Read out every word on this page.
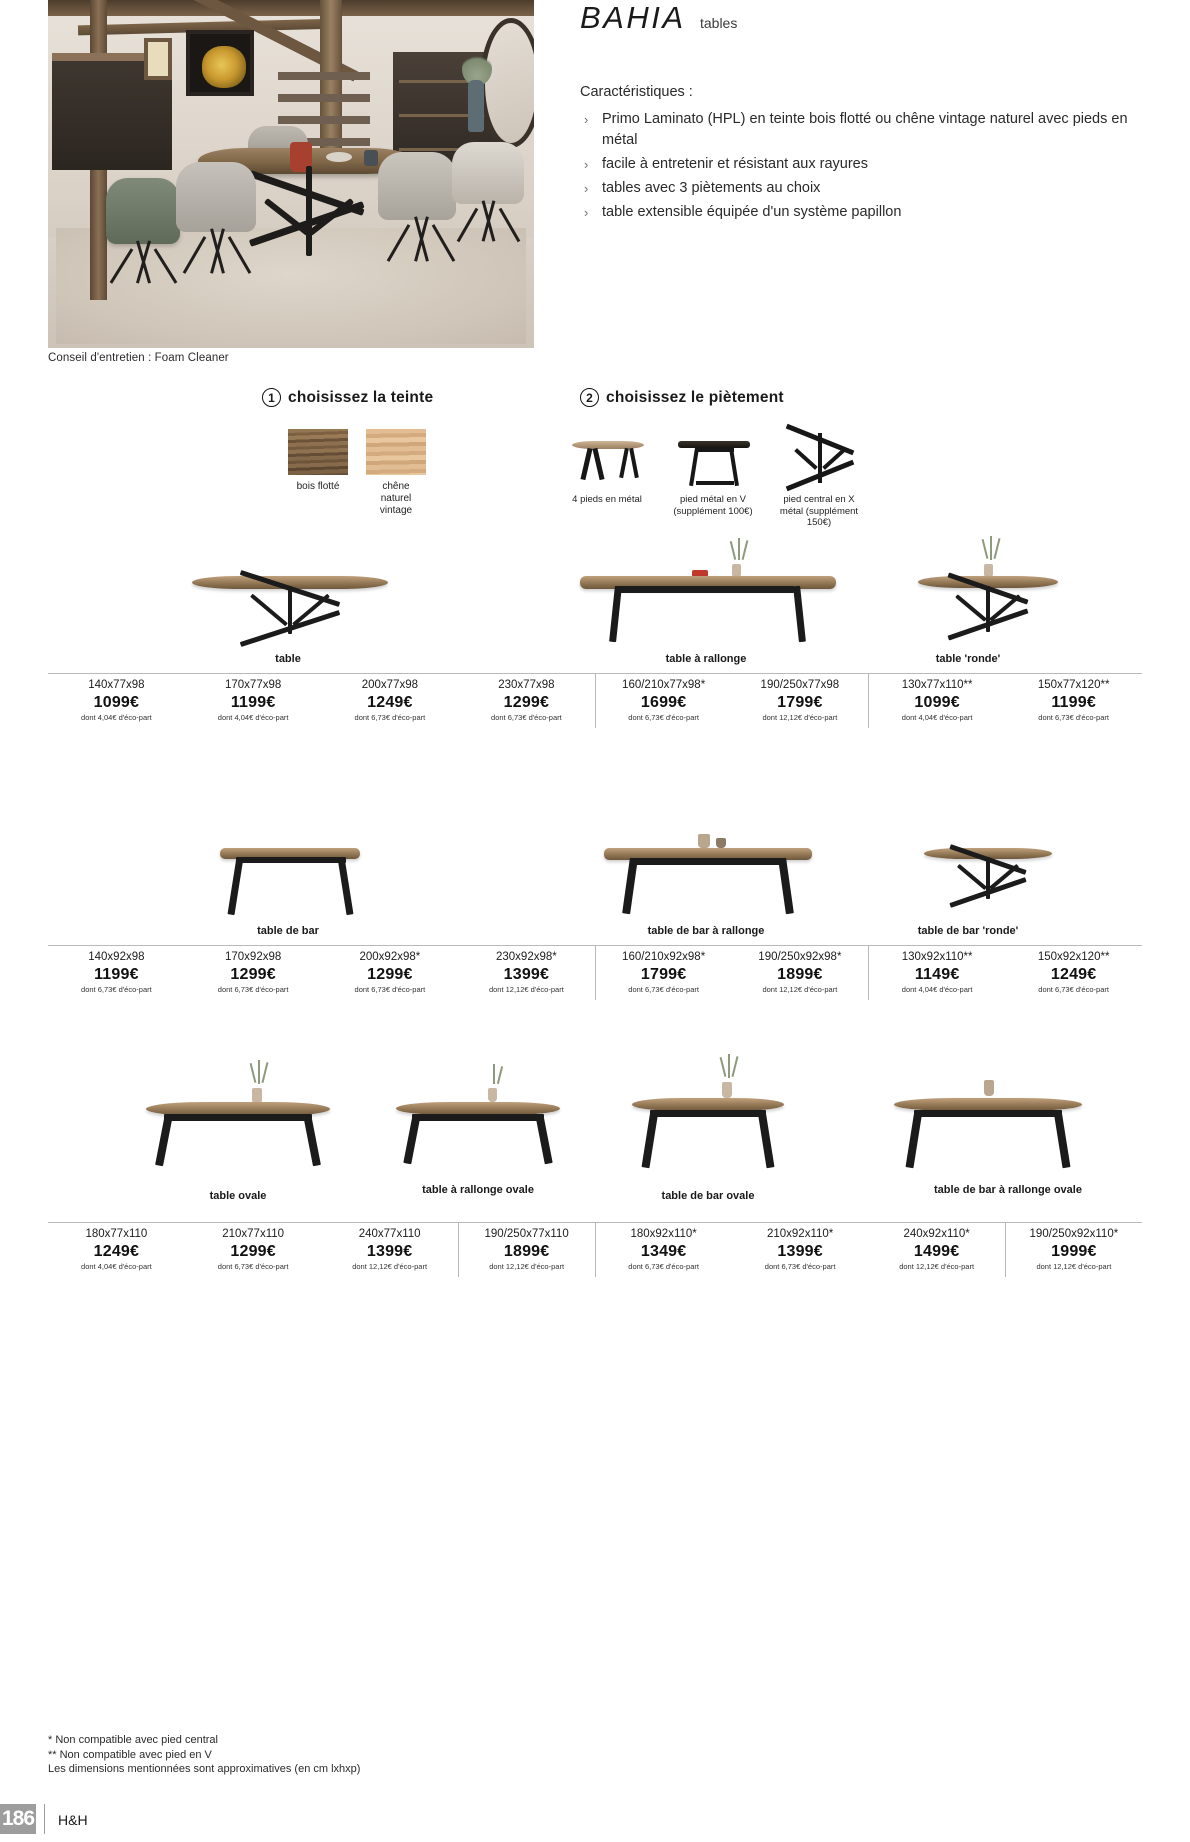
Conseil d'entretien : Foam Cleaner
BAHIA tables
Caractéristiques :
› Primo Laminato (HPL) en teinte bois flotté ou chêne vintage naturel avec pieds en métal
› facile à entretenir et résistant aux rayures
› tables avec 3 piètements au choix
› table extensible équipée d'un système papillon
1 choisissez la teinte
bois flotté	chêne naturel vintage
2 choisissez le piètement
4 pieds en métal	pied métal en V (supplément 100€)
pied central en X métal (supplément 150€)
table	table à rallonge	table 'ronde'
140x77x98
1099€
dont 4,04€ d'éco-part

170x77x98
1199€
dont 4,04€ d'éco-part

200x77x98
1249€
dont 6,73€ d'éco-part

230x77x98
1299€
dont 6,73€ d'éco-part

160/210x77x98*
1699€
dont 6,73€ d'éco-part

190/250x77x98
1799€
dont 12,12€ d'éco-part

130x77x110**
1099€
dont 4,04€ d'éco-part

150x77x120**
1199€
dont 6,73€ d'éco-part
table de bar	table de bar à rallonge	table de bar 'ronde'
140x92x98
1199€
dont 6,73€ d'éco-part

170x92x98
1299€
dont 6,73€ d'éco-part

200x92x98*
1299€
dont 6,73€ d'éco-part

230x92x98*
1399€
dont 12,12€ d'éco-part

160/210x92x98*
1799€
dont 6,73€ d'éco-part

190/250x92x98*
1899€
dont 12,12€ d'éco-part

130x92x110**
1149€
dont 4,04€ d'éco-part

150x92x120**
1249€
dont 6,73€ d'éco-part
table ovale	table à rallonge ovale	table de bar ovale	table de bar à rallonge ovale
180x77x110
1249€
dont 4,04€ d'éco-part

210x77x110
1299€
dont 6,73€ d'éco-part

240x77x110
1399€
dont 12,12€ d'éco-part

190/250x77x110
1899€
dont 12,12€ d'éco-part

180x92x110*
1349€
dont 6,73€ d'éco-part

210x92x110*
1399€
dont 6,73€ d'éco-part

240x92x110*
1499€
dont 12,12€ d'éco-part

190/250x92x110*
1999€
dont 12,12€ d'éco-part
* Non compatible avec pied central
** Non compatible avec pied en V
Les dimensions mentionnées sont approximatives (en cm lxhxp)
186 H&H
